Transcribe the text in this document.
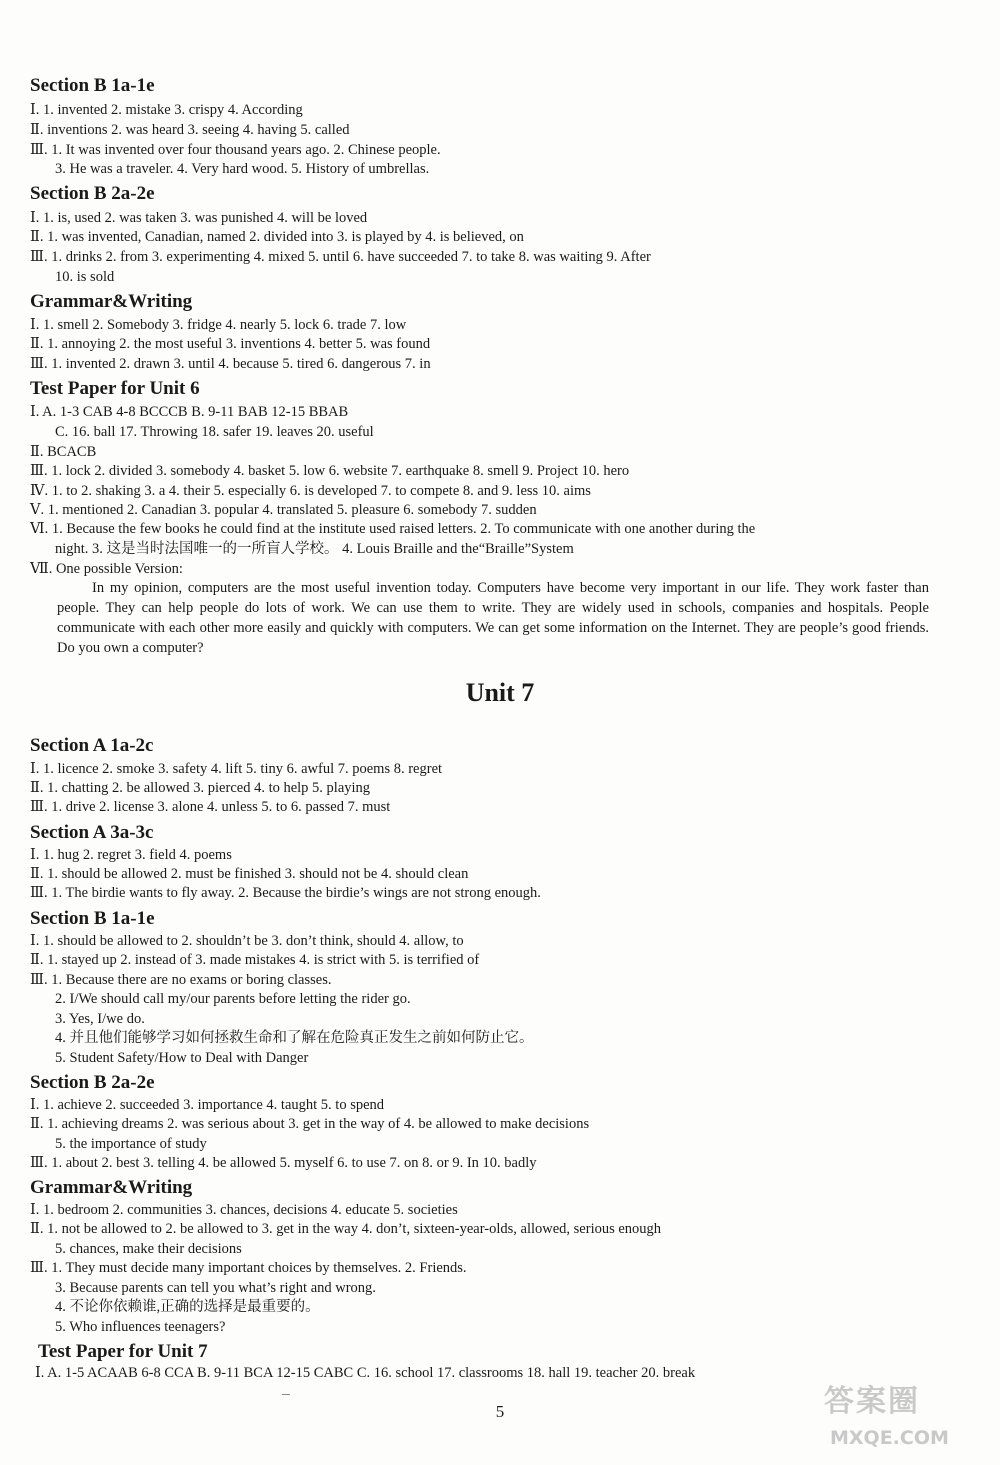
Section B 1a-1e

Ⅰ. 1. invented 2. mistake 3. crispy 4. According

Ⅱ. inventions 2. was heard 3. seeing 4. having 5. called

Ⅲ. 1. It was invented over four thousand years ago. 2. Chinese people.

3. He was a traveler. 4. Very hard wood. 5. History of umbrellas.

Section B 2a-2e

Ⅰ. 1. is, used 2. was taken 3. was punished 4. will be loved

Ⅱ. 1. was invented, Canadian, named 2. divided into 3. is played by 4. is believed, on

Ⅲ. 1. drinks 2. from 3. experimenting 4. mixed 5. until 6. have succeeded 7. to take 8. was waiting 9. After

10. is sold

Grammar&Writing

Ⅰ. 1. smell 2. Somebody 3. fridge 4. nearly 5. lock 6. trade 7. low

Ⅱ. 1. annoying 2. the most useful 3. inventions 4. better 5. was found

Ⅲ. 1. invented 2. drawn 3. until 4. because 5. tired 6. dangerous 7. in

Test Paper for Unit 6

Ⅰ. A. 1-3 CAB 4-8 BCCCB B. 9-11 BAB 12-15 BBAB

C. 16. ball 17. Throwing 18. safer 19. leaves 20. useful

Ⅱ. BCACB

Ⅲ. 1. lock 2. divided 3. somebody 4. basket 5. low 6. website 7. earthquake 8. smell 9. Project 10. hero

Ⅳ. 1. to 2. shaking 3. a 4. their 5. especially 6. is developed 7. to compete 8. and 9. less 10. aims

Ⅴ. 1. mentioned 2. Canadian 3. popular 4. translated 5. pleasure 6. somebody 7. sudden

Ⅵ. 1. Because the few books he could find at the institute used raised letters. 2. To communicate with one another during the

night. 3. 这是当时法国唯一的一所盲人学校。 4. Louis Braille and the“Braille”System

Ⅶ. One possible Version:

In my opinion, computers are the most useful invention today. Computers have become very important in our life. They work faster than people. They can help people do lots of work. We can use them to write. They are widely used in schools, companies and hospitals. People communicate with each other more easily and quickly with computers. We can get some information on the Internet. They are people’s good friends. Do you own a computer?

Unit 7
Section A 1a-2c

Ⅰ. 1. licence 2. smoke 3. safety 4. lift 5. tiny 6. awful 7. poems 8. regret

Ⅱ. 1. chatting 2. be allowed 3. pierced 4. to help 5. playing

Ⅲ. 1. drive 2. license 3. alone 4. unless 5. to 6. passed 7. must

Section A 3a-3c

Ⅰ. 1. hug 2. regret 3. field 4. poems

Ⅱ. 1. should be allowed 2. must be finished 3. should not be 4. should clean

Ⅲ. 1. The birdie wants to fly away. 2. Because the birdie’s wings are not strong enough.

Section B 1a-1e

Ⅰ. 1. should be allowed to 2. shouldn’t be 3. don’t think, should 4. allow, to

Ⅱ. 1. stayed up 2. instead of 3. made mistakes 4. is strict with 5. is terrified of

Ⅲ. 1. Because there are no exams or boring classes.

2. I/We should call my/our parents before letting the rider go.

3. Yes, I/we do.

4. 并且他们能够学习如何拯救生命和了解在危险真正发生之前如何防止它。

5. Student Safety/How to Deal with Danger

Section B 2a-2e

Ⅰ. 1. achieve 2. succeeded 3. importance 4. taught 5. to spend

Ⅱ. 1. achieving dreams 2. was serious about 3. get in the way of 4. be allowed to make decisions

5. the importance of study

Ⅲ. 1. about 2. best 3. telling 4. be allowed 5. myself 6. to use 7. on 8. or 9. In 10. badly

Grammar&Writing

Ⅰ. 1. bedroom 2. communities 3. chances, decisions 4. educate 5. societies

Ⅱ. 1. not be allowed to 2. be allowed to 3. get in the way 4. don’t, sixteen-year-olds, allowed, serious enough

5. chances, make their decisions

Ⅲ. 1. They must decide many important choices by themselves. 2. Friends.

3. Because parents can tell you what’s right and wrong.

4. 不论你依赖谁,正确的选择是最重要的。

5. Who influences teenagers?

Test Paper for Unit 7

Ⅰ. A. 1-5 ACAAB 6-8 CCA B. 9-11 BCA 12-15 CABC C. 16. school 17. classrooms 18. hall 19. teacher 20. break

5	答案圈
MXQE.COM
